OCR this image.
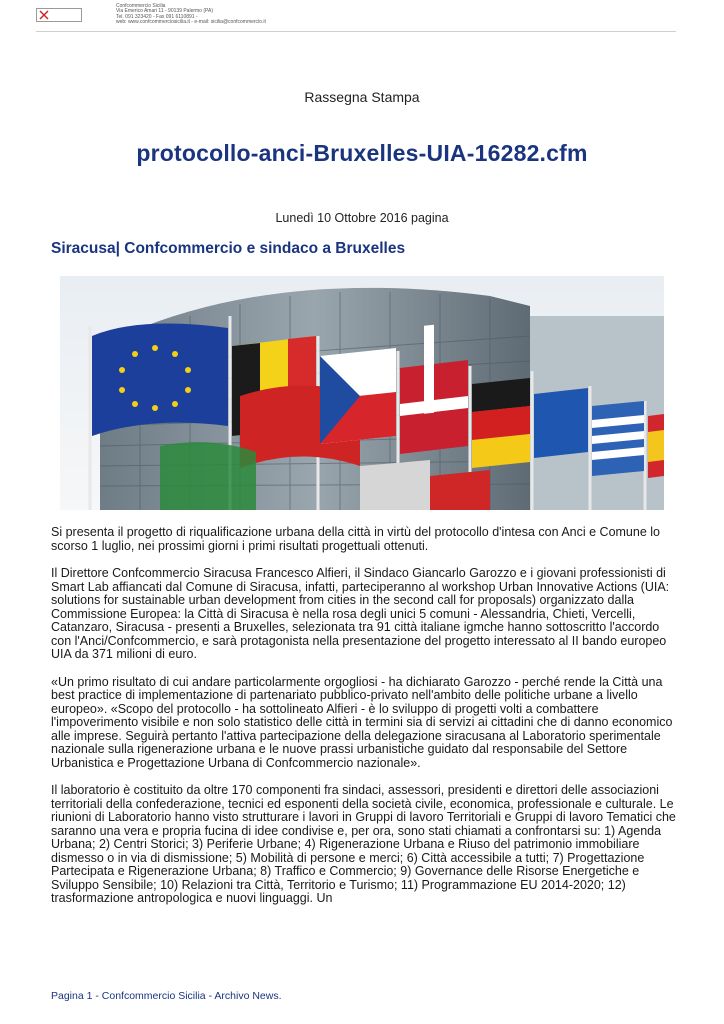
Confcommercio Sicilia
Via Emerico Amari 11 - 90139 Palermo (PA)
Tel. 091 323420 - Fax 091 6110891 -
web: www.confcommerciosicilia.it - e-mail: sicilia@confcommercio.it
Rassegna Stampa
protocollo-anci-Bruxelles-UIA-16282.cfm
Lunedì 10 Ottobre 2016 pagina
Siracusa| Confcommercio e sindaco a Bruxelles

Si presenta il progetto di riqualificazione urbana della città in virtù del protocollo d'intesa con Anci e Comune lo scorso 1 luglio, nei prossimi giorni i primi risultati progettuali ottenuti.

Il Direttore Confcommercio Siracusa Francesco Alfieri, il Sindaco Giancarlo Garozzo e i giovani professionisti di Smart Lab affiancati dal Comune di Siracusa, infatti, parteciperanno al workshop Urban Innovative Actions (UIA: solutions for sustainable urban development from cities in the second call for proposals) organizzato dalla Commissione Europea: la Città di Siracusa è nella rosa degli unici 5 comuni - Alessandria, Chieti, Vercelli, Catanzaro, Siracusa - presenti a Bruxelles, selezionata tra 91 città italiane igmche hanno sottoscritto l'accordo con l'Anci/Confcommercio, e sarà protagonista nella presentazione del progetto interessato al II bando europeo UIA da 371 milioni di euro.

«Un primo risultato di cui andare particolarmente orgogliosi - ha dichiarato Garozzo - perché rende la Città una best practice di implementazione di partenariato pubblico-privato nell'ambito delle politiche urbane a livello europeo». «Scopo del protocollo - ha sottolineato Alfieri - è lo sviluppo di progetti volti a combattere l'impoverimento visibile e non solo statistico delle città in termini sia di servizi ai cittadini che di danno economico alle imprese. Seguirà pertanto l'attiva partecipazione della delegazione siracusana al Laboratorio sperimentale nazionale sulla rigenerazione urbana e le nuove prassi urbanistiche guidato dal responsabile del Settore Urbanistica e Progettazione Urbana di Confcommercio nazionale».

Il laboratorio è costituito da oltre 170 componenti fra sindaci, assessori, presidenti e direttori delle associazioni territoriali della confederazione, tecnici ed esponenti della società civile, economica, professionale e culturale. Le riunioni di Laboratorio hanno visto strutturare i lavori in Gruppi di lavoro Territoriali e Gruppi di lavoro Tematici che saranno una vera e propria fucina di idee condivise e, per ora, sono stati chiamati a confrontarsi su: 1) Agenda Urbana; 2) Centri Storici; 3) Periferie Urbane; 4) Rigenerazione Urbana e Riuso del patrimonio immobiliare dismesso o in via di dismissione; 5) Mobilità di persone e merci; 6) Città accessibile a tutti; 7) Progettazione Partecipata e Rigenerazione Urbana; 8) Traffico e Commercio; 9) Governance delle Risorse Energetiche e Sviluppo Sensibile; 10) Relazioni tra Città, Territorio e Turismo; 11) Programmazione EU 2014-2020; 12) trasformazione antropologica e nuovi linguaggi. Un

Pagina 1 - Confcommercio Sicilia - Archivo News.
